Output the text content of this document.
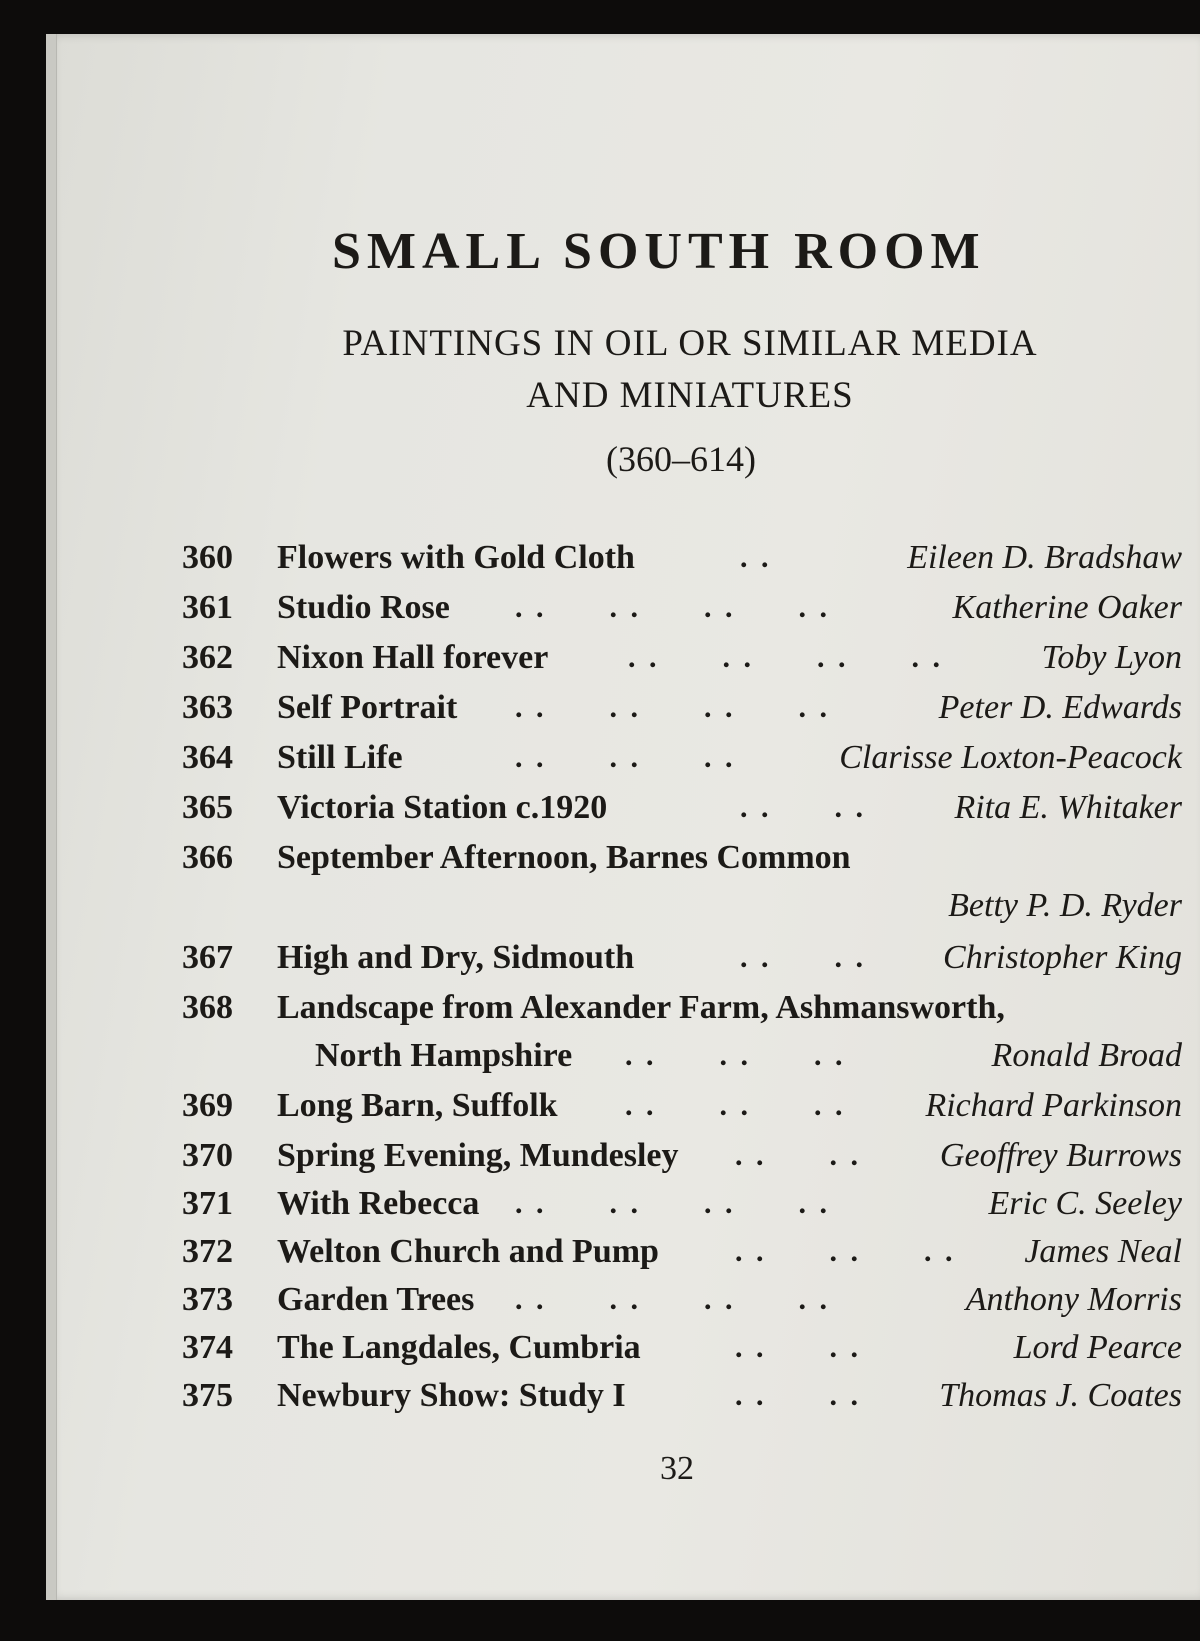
SMALL SOUTH ROOM
PAINTINGS IN OIL OR SIMILAR MEDIA
AND MINIATURES
(360–614)
360 Flowers with Gold Cloth	. .	Eileen D. Bradshaw
361 Studio Rose . .      . .      . .      . .	Katherine Oaker
362 Nixon Hall forever	. .      . .      . .      . .	Toby Lyon
363 Self Portrait . .      . .      . .      . .	Peter D. Edwards
364 Still Life	. .      . .      . .	Clarisse Loxton-Peacock
365 Victoria Station c.1920	. .      . .	Rita E. Whitaker
366 September Afternoon, Barnes Common
Betty P. D. Ryder
367 High and Dry, Sidmouth	. .      . . Christopher King
368 Landscape from Alexander Farm, Ashmansworth,
North Hampshire . .      . .      . .	Ronald Broad
369 Long Barn, Suffolk . .      . .      . . Richard Parkinson
370 Spring Evening, Mundesley . .      . . Geoffrey Burrows
371 With Rebecca . .      . .      . .      . .	Eric C. Seeley
372 Welton Church and Pump	. .      . .      . . James Neal
373 Garden Trees . .      . .      . .      . .	Anthony Morris
374 The Langdales, Cumbria	. .      . .	Lord Pearce
375 Newbury Show: Study I	. .      . . Thomas J. Coates
32
